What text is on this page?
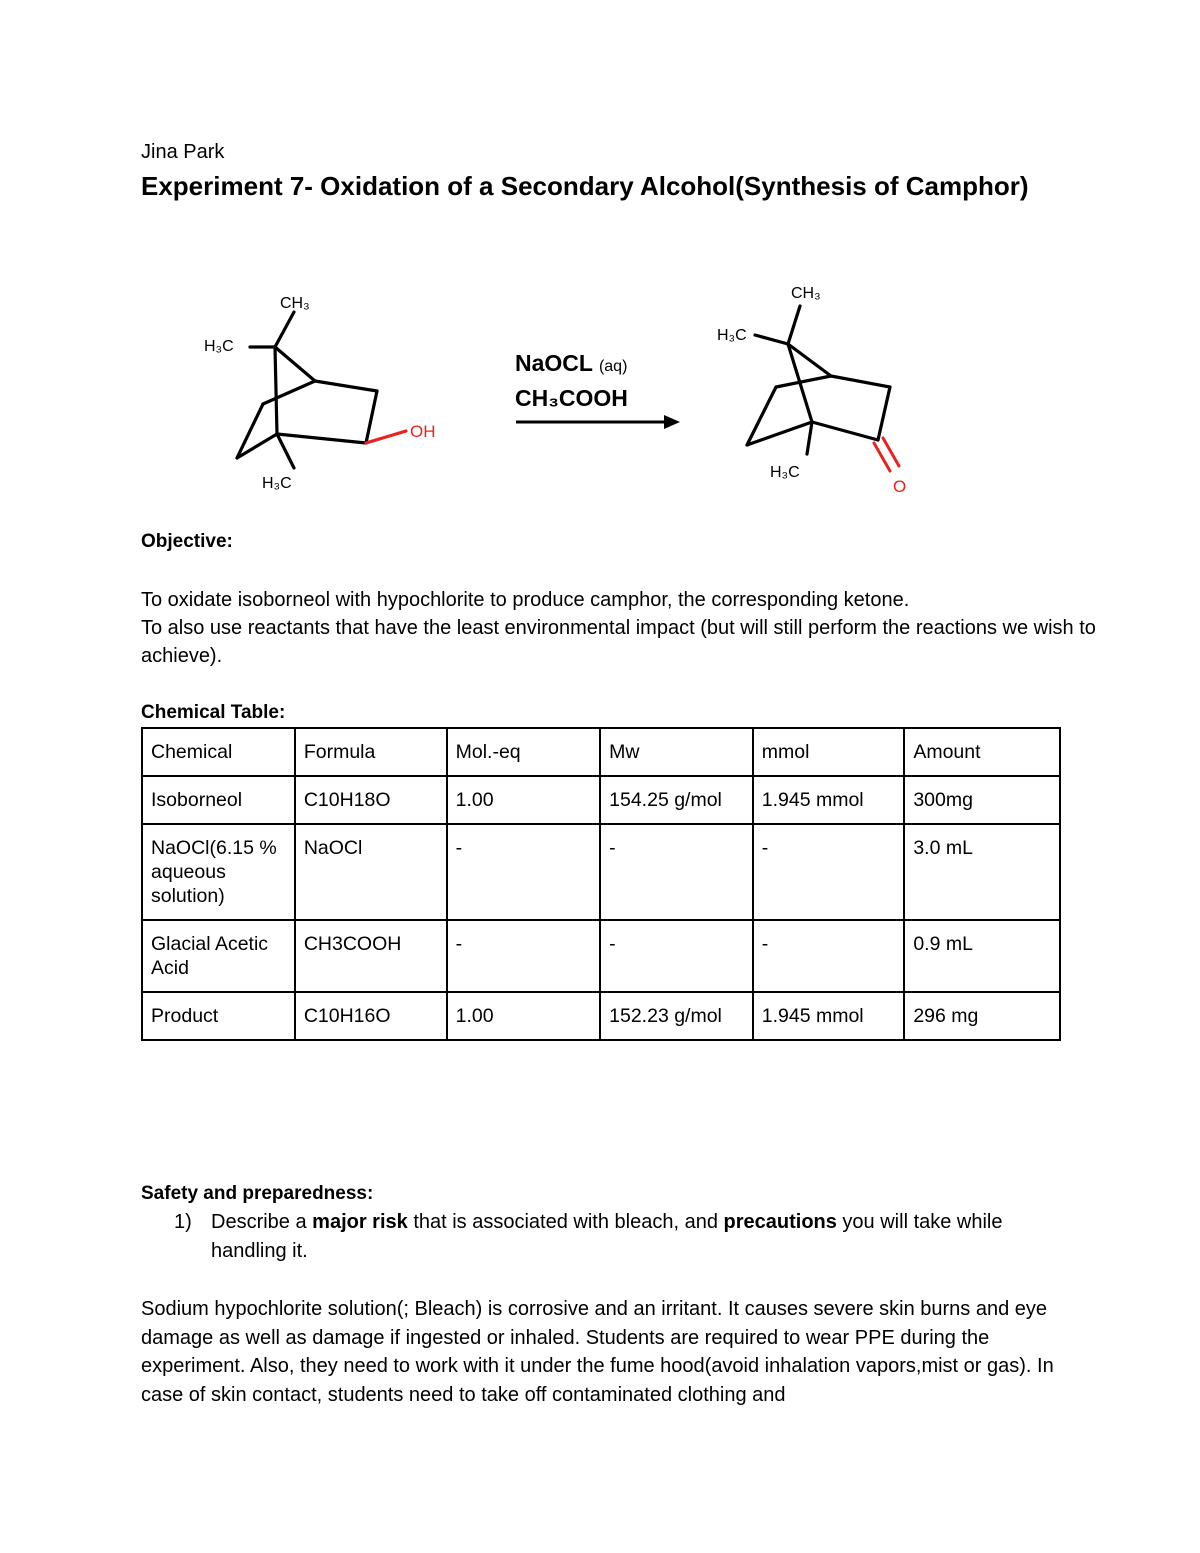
Jina Park
Experiment 7- Oxidation of a Secondary Alcohol(Synthesis of Camphor)
CH₃
H₃C
H₃C
OH
NaOCL (aq)
CH₃COOH
CH₃
H₃C
H₃C
O
Objective:
To oxidate isoborneol with hypochlorite to produce camphor, the corresponding ketone.
To also use reactants that have the least environmental impact (but will still perform the reactions we wish to achieve).
Chemical Table:
Chemical	Formula	Mol.-eq	Mw	mmol	Amount
Isoborneol	C10H18O	1.00	154.25 g/mol	1.945 mmol	300mg
NaOCl(6.15 % aqueous solution)	NaOCl	-	-	-	3.0 mL
Glacial Acetic Acid	CH3COOH	-	-	-	0.9 mL
Product	C10H16O	1.00	152.23 g/mol	1.945 mmol	296 mg
Safety and preparedness:
1) Describe a major risk that is associated with bleach, and precautions you will take while handling it.
Sodium hypochlorite solution(; Bleach) is corrosive and an irritant. It causes severe skin burns and eye damage as well as damage if ingested or inhaled. Students are required to wear PPE during the experiment. Also, they need to work with it under the fume hood(avoid inhalation vapors,mist or gas). In case of skin contact, students need to take off contaminated clothing and
